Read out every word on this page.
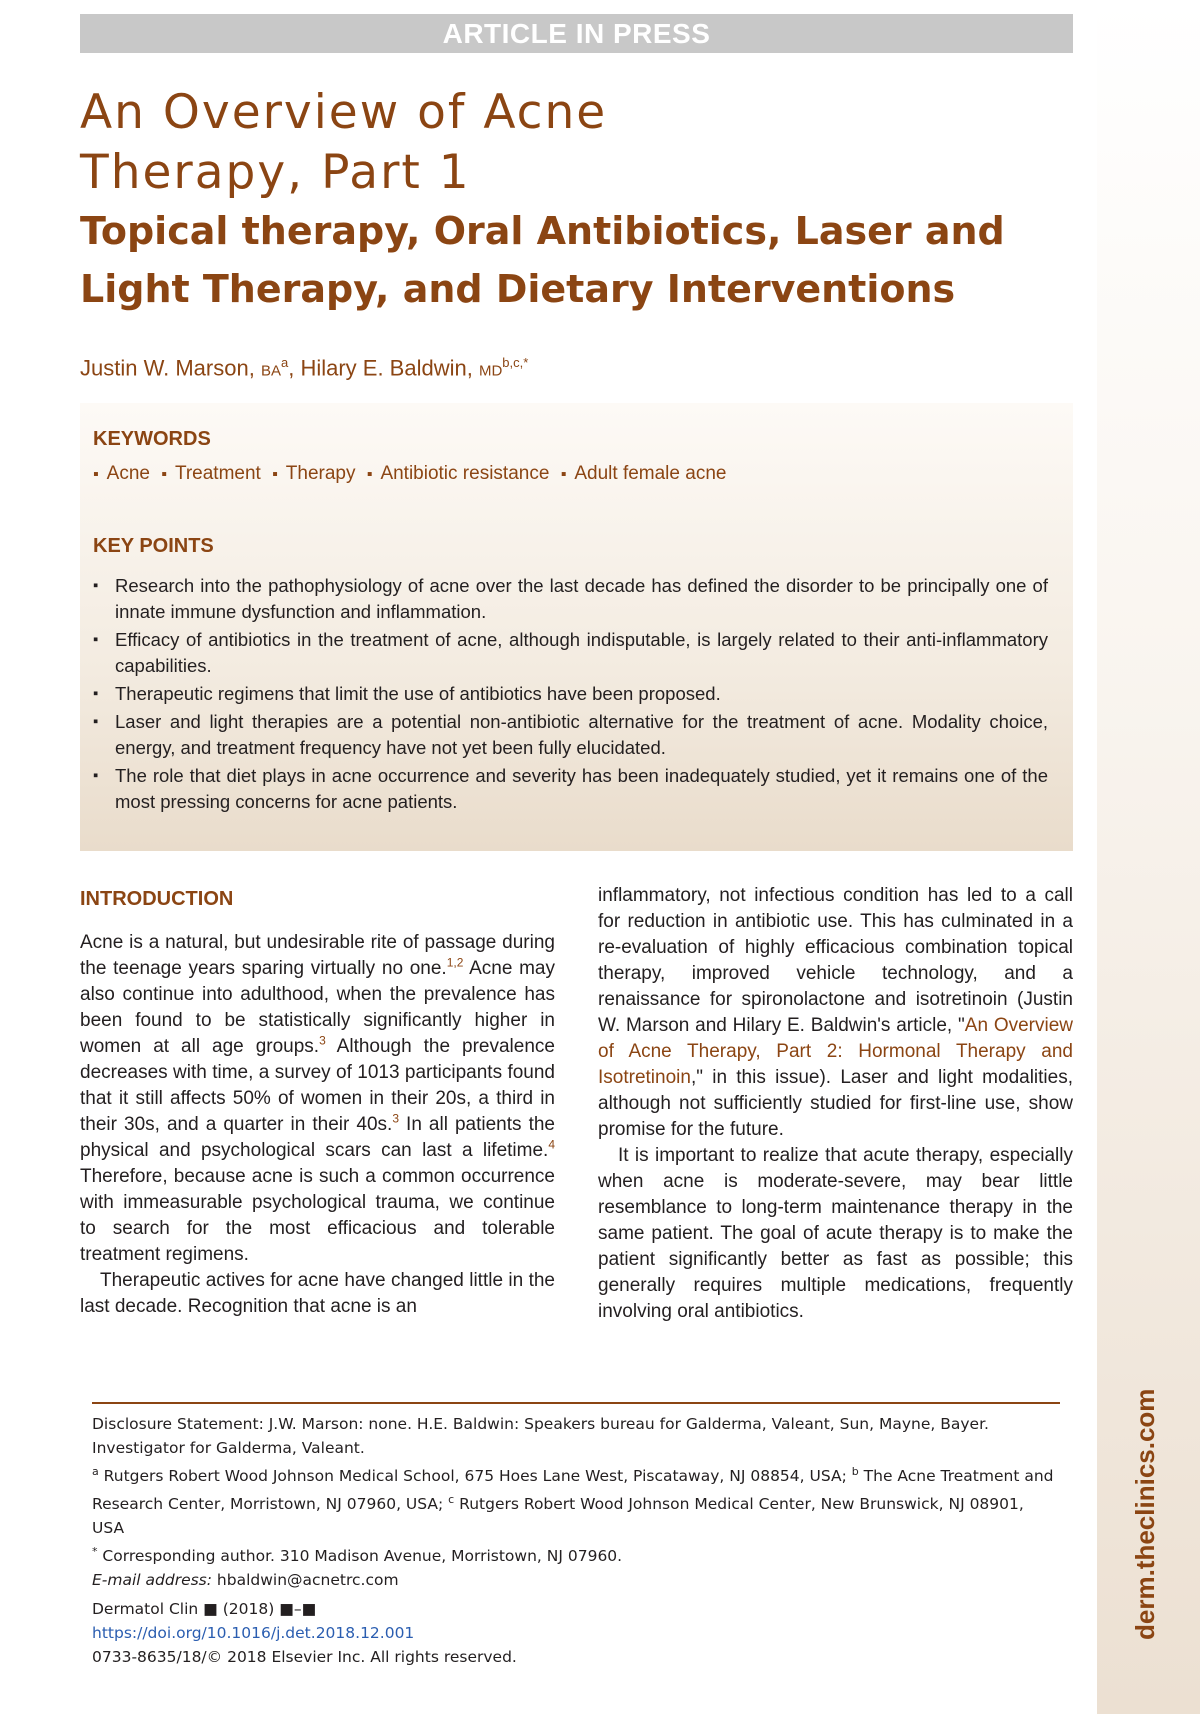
derm.theclinics.com
ARTICLE IN PRESS
An Overview of Acne Therapy, Part 1
Topical therapy, Oral Antibiotics, Laser and Light Therapy, and Dietary Interventions
Justin W. Marson, $BA^a$, Hilary E. Baldwin, $MD^{b,c,*}$
KEYWORDS
▪ Acne ▪ Treatment ▪ Therapy ▪ Antibiotic resistance ▪ Adult female acne
KEY POINTS
▪ Research into the pathophysiology of acne over the last decade has defined the disorder to be principally one of innate immune dysfunction and inflammation.
▪ Efficacy of antibiotics in the treatment of acne, although indisputable, is largely related to their anti-inflammatory capabilities.
▪ Therapeutic regimens that limit the use of antibiotics have been proposed.
▪ Laser and light therapies are a potential non-antibiotic alternative for the treatment of acne. Modality choice, energy, and treatment frequency have not yet been fully elucidated.
▪ The role that diet plays in acne occurrence and severity has been inadequately studied, yet it remains one of the most pressing concerns for acne patients.
INTRODUCTION

Acne is a natural, but undesirable rite of passage during the teenage years sparing virtually no one.$^{1,2}$ Acne may also continue into adulthood, when the prevalence has been found to be statistically significantly higher in women at all age groups.$^3$ Although the prevalence decreases with time, a survey of 1013 participants found that it still affects 50% of women in their 20s, a third in their 30s, and a quarter in their 40s.$^3$ In all patients the physical and psychological scars can last a lifetime.$^4$ Therefore, because acne is such a common occurrence with immeasurable psychological trauma, we continue to search for the most efficacious and tolerable treatment regimens.

Therapeutic actives for acne have changed little in the last decade. Recognition that acne is an

inflammatory, not infectious condition has led to a call for reduction in antibiotic use. This has culminated in a re-evaluation of highly efficacious combination topical therapy, improved vehicle technology, and a renaissance for spironolactone and isotretinoin (Justin W. Marson and Hilary E. Baldwin's article, "An Overview of Acne Therapy, Part 2: Hormonal Therapy and Isotretinoin," in this issue). Laser and light modalities, although not sufficiently studied for first-line use, show promise for the future.

It is important to realize that acute therapy, especially when acne is moderate-severe, may bear little resemblance to long-term maintenance therapy in the same patient. The goal of acute therapy is to make the patient significantly better as fast as possible; this generally requires multiple medications, frequently involving oral antibiotics.

Disclosure Statement: J.W. Marson: none. H.E. Baldwin: Speakers bureau for Galderma, Valeant, Sun, Mayne, Bayer. Investigator for Galderma, Valeant.

$^a$ Rutgers Robert Wood Johnson Medical School, 675 Hoes Lane West, Piscataway, NJ 08854, USA; $^b$ The Acne Treatment and Research Center, Morristown, NJ 07960, USA; $^c$ Rutgers Robert Wood Johnson Medical Center, New Brunswick, NJ 08901, USA

* Corresponding author. 310 Madison Avenue, Morristown, NJ 07960.

E-mail address: hbaldwin@acnetrc.com

Dermatol Clin ■ (2018) ■–■

https://doi.org/10.1016/j.det.2018.12.001

0733-8635/18/© 2018 Elsevier Inc. All rights reserved.
